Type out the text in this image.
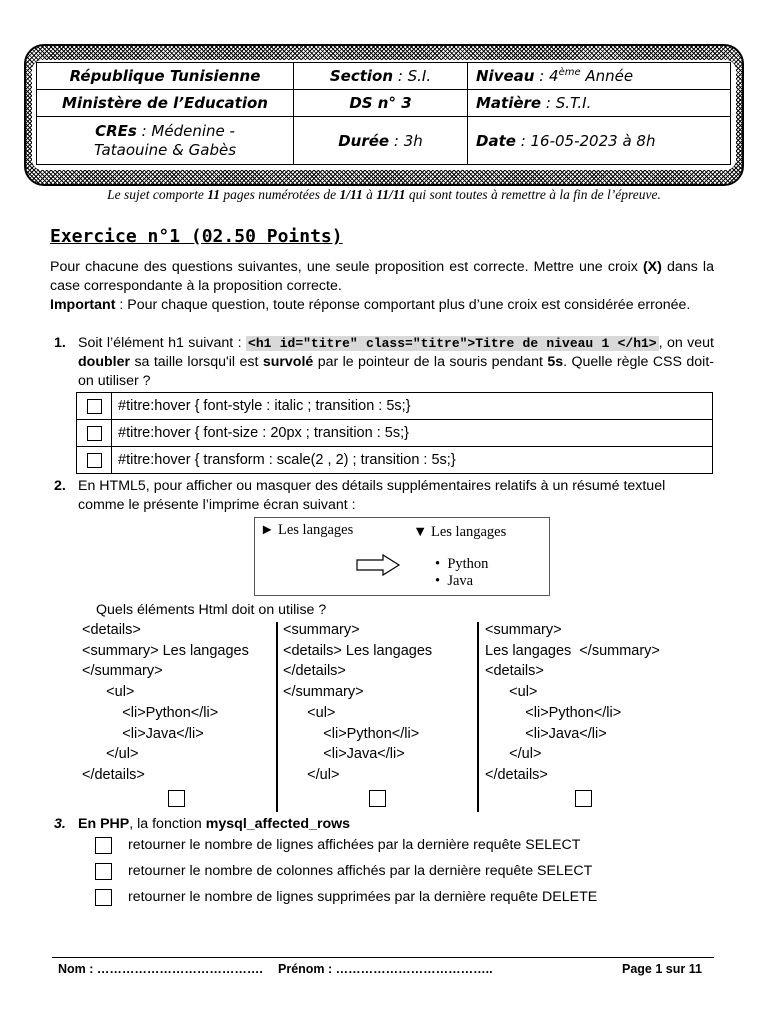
République Tunisienne	Section : S.I.	Niveau : 4ème Année
Ministère de l’Education	DS n° 3	Matière : S.T.I.
CREs : Médenine -
Tataouine & Gabès	Durée : 3h	Date : 16-05-2023 à 8h
Le sujet comporte 11 pages numérotées de 1/11 à 11/11 qui sont toutes à remettre à la fin de l’épreuve.
Exercice n°1 (02.50 Points)
Pour chacune des questions suivantes, une seule proposition est correcte. Mettre une croix (X) dans la case correspondante à la proposition correcte.
Important : Pour chaque question, toute réponse comportant plus d’une croix est considérée erronée.
1. Soit l’élément h1 suivant : <h1 id="titre" class="titre">Titre de niveau 1 </h1> , on veut doubler sa taille lorsqu'il est survolé par le pointeur de la souris pendant 5s. Quelle règle CSS doit-on utiliser ?
	#titre:hover { font-style : italic ; transition : 5s;}
	#titre:hover { font-size : 20px ; transition : 5s;}
	#titre:hover { transform : scale(2 , 2) ; transition : 5s;}
2. En HTML5, pour afficher ou masquer des détails supplémentaires relatifs à un résumé textuel comme le présente l’imprime écran suivant :
► Les langages	▼ Les langages
•  Python
•  Java
Quels éléments Html doit on utilise ?
<details>
<summary> Les langages
</summary>
<ul>
<li>Python</li>
<li>Java</li>
</ul>
</details>
<summary>
<details> Les langages
</details>
</summary>
<ul>
<li>Python</li>
<li>Java</li>
</ul>
<summary>
Les langages  </summary>
<details>
<ul>
<li>Python</li>
<li>Java</li>
</ul>
</details>
3. En PHP, la fonction mysql_affected_rows
retourner le nombre de lignes affichées par la dernière requête SELECT
retourner le nombre de colonnes affichés par la dernière requête SELECT
retourner le nombre de lignes supprimées par la dernière requête DELETE
Nom : …………………………………. Prénom : ………………………………..	Page 1 sur 11
